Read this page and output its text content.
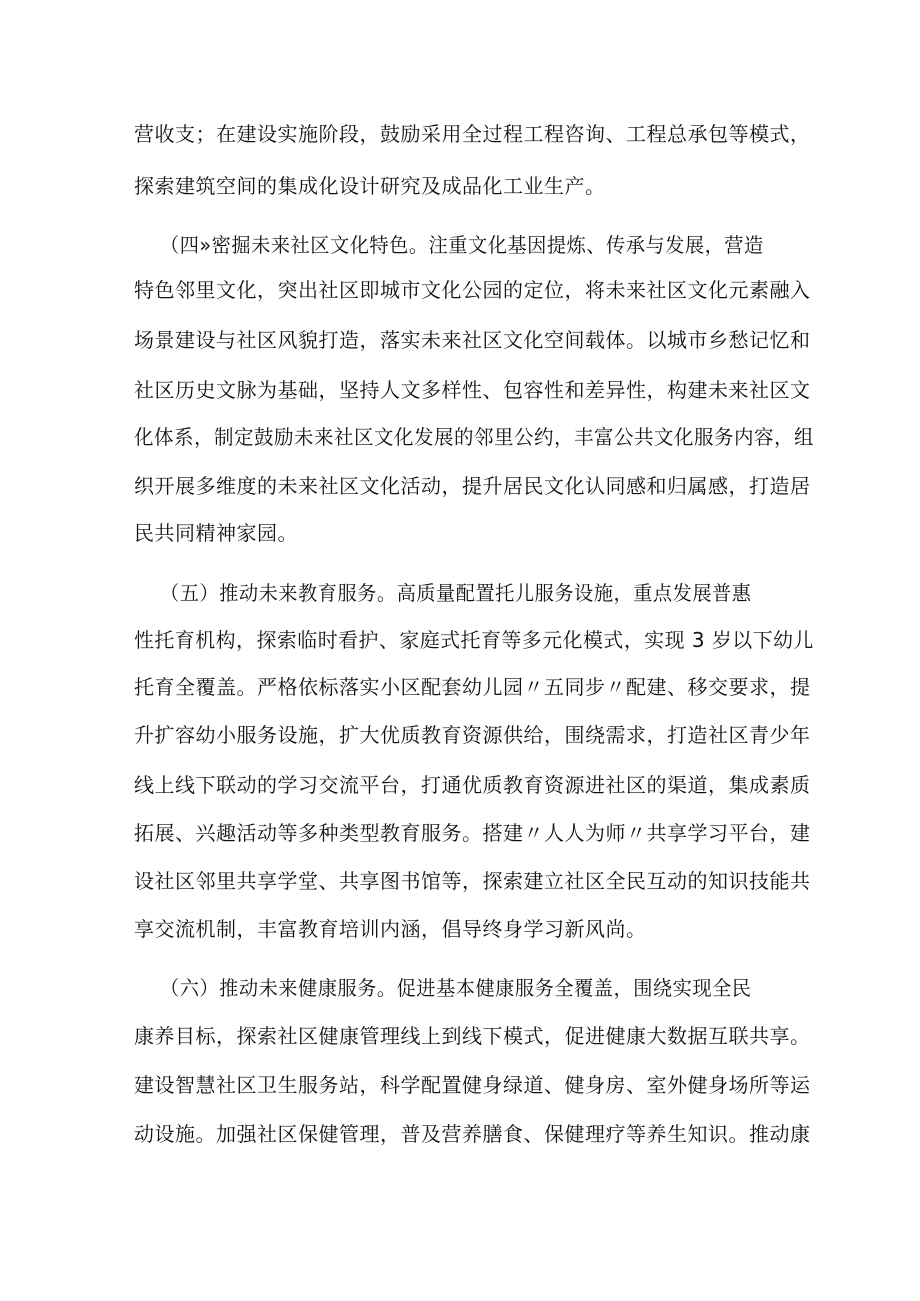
营收支；在建设实施阶段，鼓励采用全过程工程咨询、工程总承包等模式，
探索建筑空间的集成化设计研究及成品化工业生产。
（四»密掘未来社区文化特色。注重文化基因提炼、传承与发展，营造
特色邻里文化，突出社区即城市文化公园的定位，将未来社区文化元素融入
场景建设与社区风貌打造，落实未来社区文化空间载体。以城市乡愁记忆和
社区历史文脉为基础，坚持人文多样性、包容性和差异性，构建未来社区文
化体系，制定鼓励未来社区文化发展的邻里公约，丰富公共文化服务内容，组
织开展多维度的未来社区文化活动，提升居民文化认同感和归属感，打造居
民共同精神家园。
（五）推动未来教育服务。高质量配置托儿服务设施，重点发展普惠
性托育机构，探索临时看护、家庭式托育等多元化模式，实现 3 岁以下幼儿
托育全覆盖。严格依标落实小区配套幼儿园〃五同步〃配建、移交要求，提
升扩容幼小服务设施，扩大优质教育资源供给，围绕需求，打造社区青少年
线上线下联动的学习交流平台，打通优质教育资源进社区的渠道，集成素质
拓展、兴趣活动等多种类型教育服务。搭建〃人人为师〃共享学习平台，建
设社区邻里共享学堂、共享图书馆等，探索建立社区全民互动的知识技能共
享交流机制，丰富教育培训内涵，倡导终身学习新风尚。
（六）推动未来健康服务。促进基本健康服务全覆盖，围绕实现全民
康养目标，探索社区健康管理线上到线下模式，促进健康大数据互联共享。
建设智慧社区卫生服务站，科学配置健身绿道、健身房、室外健身场所等运
动设施。加强社区保健管理，普及营养膳食、保健理疗等养生知识。推动康
